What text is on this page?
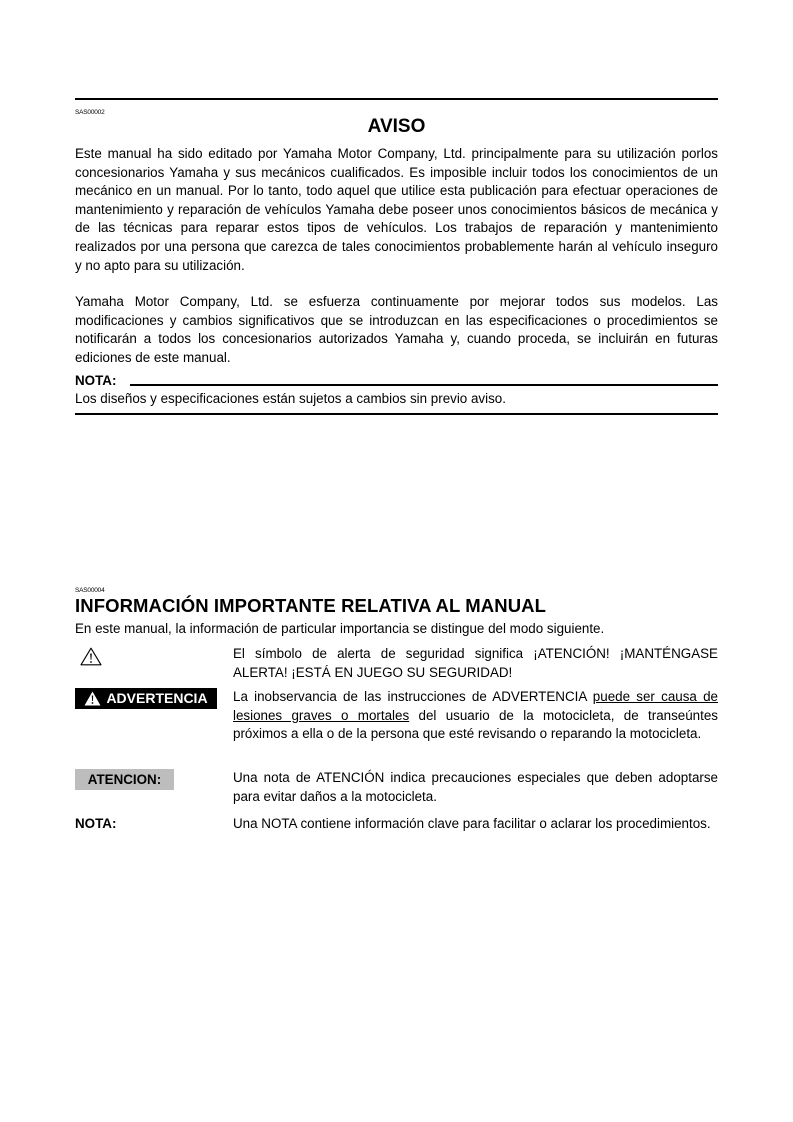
SAS00002
AVISO

Este manual ha sido editado por Yamaha Motor Company, Ltd. principalmente para su utilización porlos concesionarios Yamaha y sus mecánicos cualificados. Es imposible incluir todos los conocimientos de un mecánico en un manual. Por lo tanto, todo aquel que utilice esta publicación para efectuar operaciones de mantenimiento y reparación de vehículos Yamaha debe poseer unos conocimientos básicos de mecánica y de las técnicas para reparar estos tipos de vehículos. Los trabajos de reparación y mantenimiento realizados por una persona que carezca de tales conocimientos probablemente harán al vehículo inseguro y no apto para su utilización.

Yamaha Motor Company, Ltd. se esfuerza continuamente por mejorar todos sus modelos. Las modificaciones y cambios significativos que se introduzcan en las especificaciones o procedimientos se notificarán a todos los concesionarios autorizados Yamaha y, cuando proceda, se incluirán en futuras ediciones de este manual.

NOTA:

Los diseños y especificaciones están sujetos a cambios sin previo aviso.

SAS00004
INFORMACIÓN IMPORTANTE RELATIVA AL MANUAL

En este manual, la información de particular importancia se distingue del modo siguiente.

El símbolo de alerta de seguridad significa ¡ATENCIÓN! ¡MANTÉNGASE ALERTA! ¡ESTÁ EN JUEGO SU SEGURIDAD!

ADVERTENCIA La inobservancia de las instrucciones de ADVERTENCIA puede ser causa de lesiones graves o mortales del usuario de la motocicleta, de transeúntes próximos a ella o de la persona que esté revisando o reparando la motocicleta.

ATENCION:	Una nota de ATENCIÓN indica precauciones especiales que deben adoptarse para evitar daños a la motocicleta.

NOTA:	Una NOTA contiene información clave para facilitar o aclarar los procedimientos.
